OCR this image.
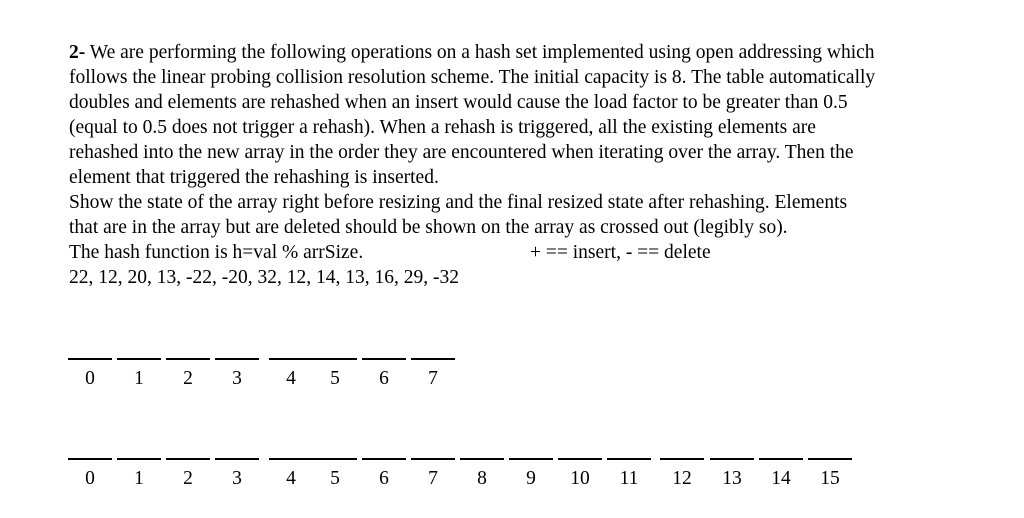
2- We are performing the following operations on a hash set implemented using open addressing which

follows the linear probing collision resolution scheme. The initial capacity is 8. The table automatically

doubles and elements are rehashed when an insert would cause the load factor to be greater than 0.5

(equal to 0.5 does not trigger a rehash). When a rehash is triggered, all the existing elements are

rehashed into the new array in the order they are encountered when iterating over the array. Then the

element that triggered the rehashing is inserted.

Show the state of the array right before resizing and the final resized state after rehashing. Elements

that are in the array but are deleted should be shown on the array as crossed out (legibly so).

The hash function is h=val % arrSize.	+ == insert, - == delete

22, 12, 20, 13, -22, -20, 32, 12, 14, 13, 16, 29, -32

0	1	2	3	4	5	6	7
0	1	2	3	4	5	6	7	8	9	10	11	12	13	14	15
